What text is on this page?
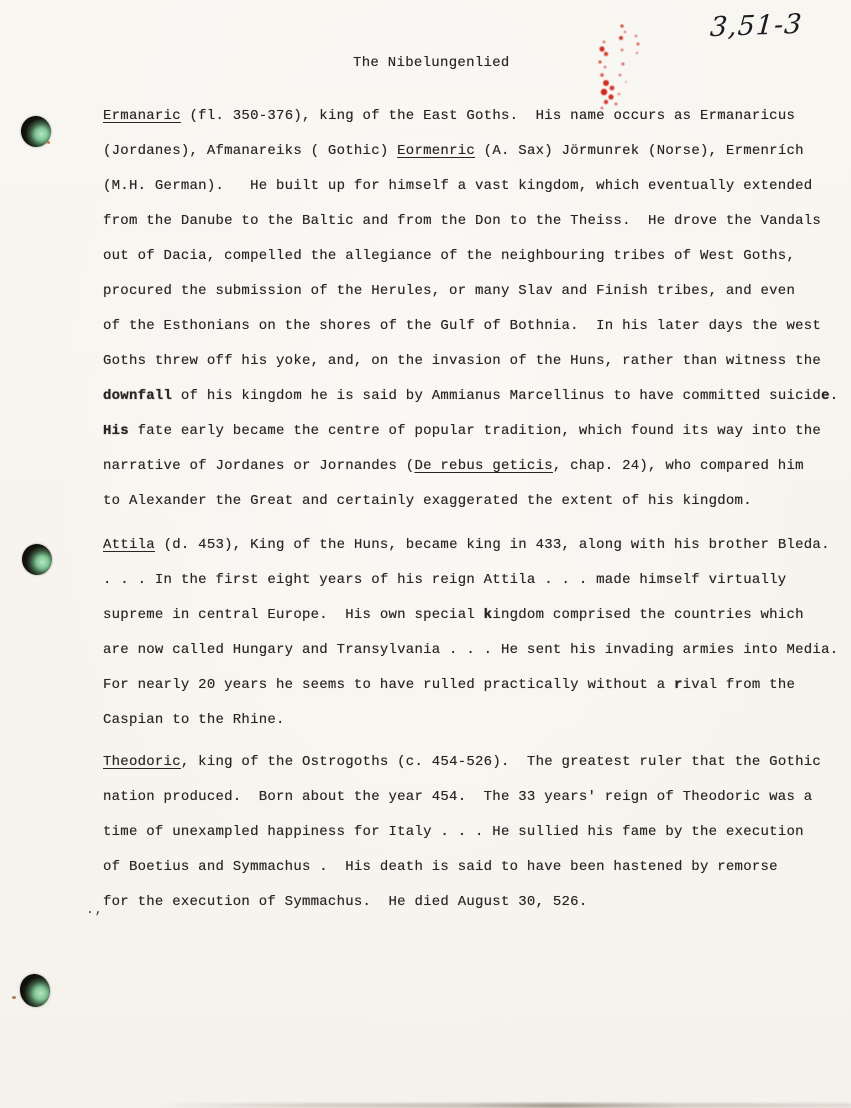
The Nibelungenlied
3,51-3
Ermanaric (fl. 350-376), king of the East Goths.  His name occurs as Ermanaricus
(Jordanes), Afmanareiks ( Gothic) Eormenric (A. Sax) Jörmunrek (Norse), Ermenrích
(M.H. German).   He built up for himself a vast kingdom, which eventually extended
from the Danube to the Baltic and from the Don to the Theiss.  He drove the Vandals
out of Dacia, compelled the allegiance of the neighbouring tribes of West Goths,
procured the submission of the Herules, or many Slav and Finish tribes, and even
of the Esthonians on the shores of the Gulf of Bothnia.  In his later days the west
Goths threw off his yoke, and, on the invasion of the Huns, rather than witness the
downfall of his kingdom he is said by Ammianus Marcellinus to have committed suicide.
His fate early became the centre of popular tradition, which found its way into the
narrative of Jordanes or Jornandes (De rebus geticis, chap. 24), who compared him
to Alexander the Great and certainly exaggerated the extent of his kingdom.
Attila (d. 453), King of the Huns, became king in 433, along with his brother Bleda.
. . . In the first eight years of his reign Attila . . . made himself virtually
supreme in central Europe.  His own special kingdom comprised the countries which
are now called Hungary and Transylvania . . . He sent his invading armies into Media.
For nearly 20 years he seems to have rulled practically without a rival from the
Caspian to the Rhine.
Theodoric, king of the Ostrogoths (c. 454-526).  The greatest ruler that the Gothic
nation produced.  Born about the year 454.  The 33 years' reign of Theodoric was a
time of unexampled happiness for Italy . . . He sullied his fame by the execution
of Boetius and Symmachus .  His death is said to have been hastened by remorse
for the execution of Symmachus.  He died August 30, 526.
.,
